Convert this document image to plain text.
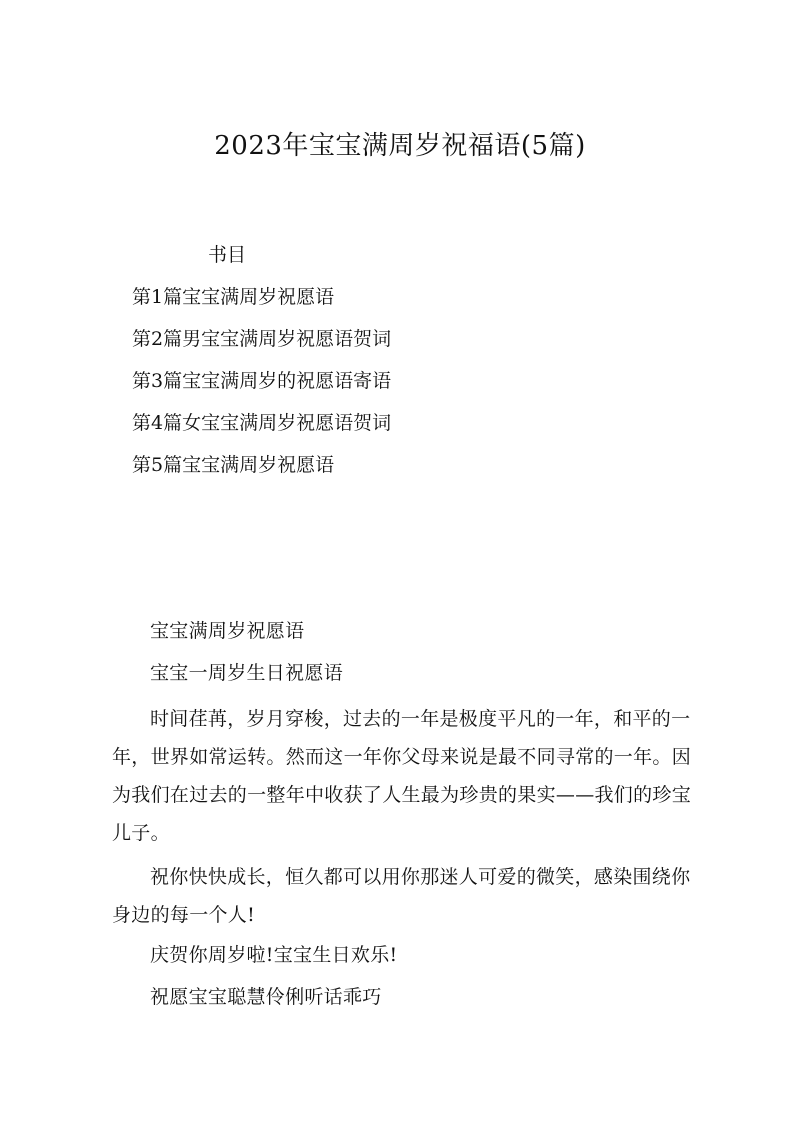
2023年宝宝满周岁祝福语(5篇)
书目
第1篇宝宝满周岁祝愿语
第2篇男宝宝满周岁祝愿语贺词
第3篇宝宝满周岁的祝愿语寄语
第4篇女宝宝满周岁祝愿语贺词
第5篇宝宝满周岁祝愿语

宝宝满周岁祝愿语

宝宝一周岁生日祝愿语

时间荏苒，岁月穿梭，过去的一年是极度平凡的一年，和平的一年，世界如常运转。然而这一年你父母来说是最不同寻常的一年。因为我们在过去的一整年中收获了人生最为珍贵的果实——我们的珍宝儿子。

祝你快快成长，恒久都可以用你那迷人可爱的微笑，感染围绕你身边的每一个人!

庆贺你周岁啦!宝宝生日欢乐!

祝愿宝宝聪慧伶俐听话乖巧
